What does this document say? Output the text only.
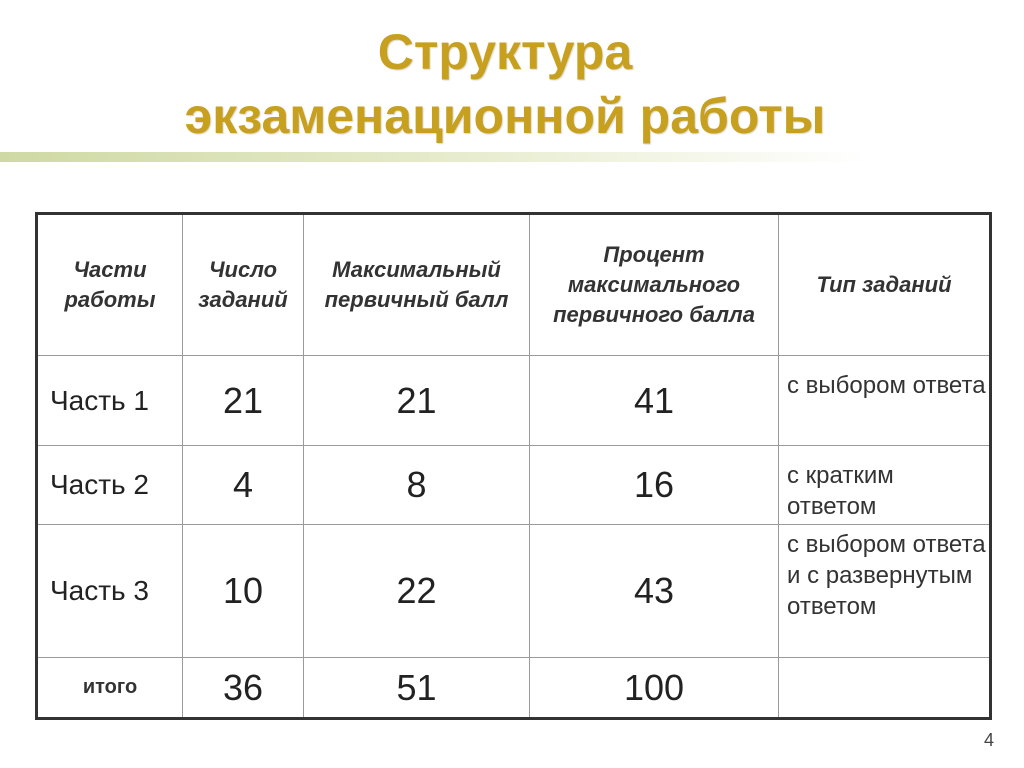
Структура
экзаменационной работы
Части работы	Число заданий	Максимальный первичный балл	Процент максимального первичного балла	Тип заданий
Часть 1	21	21	41	с выбором ответа
Часть 2	4	8	16	с кратким ответом
Часть 3	10	22	43	с выбором ответа и с развернутым ответом
итого	36	51	100	
4
